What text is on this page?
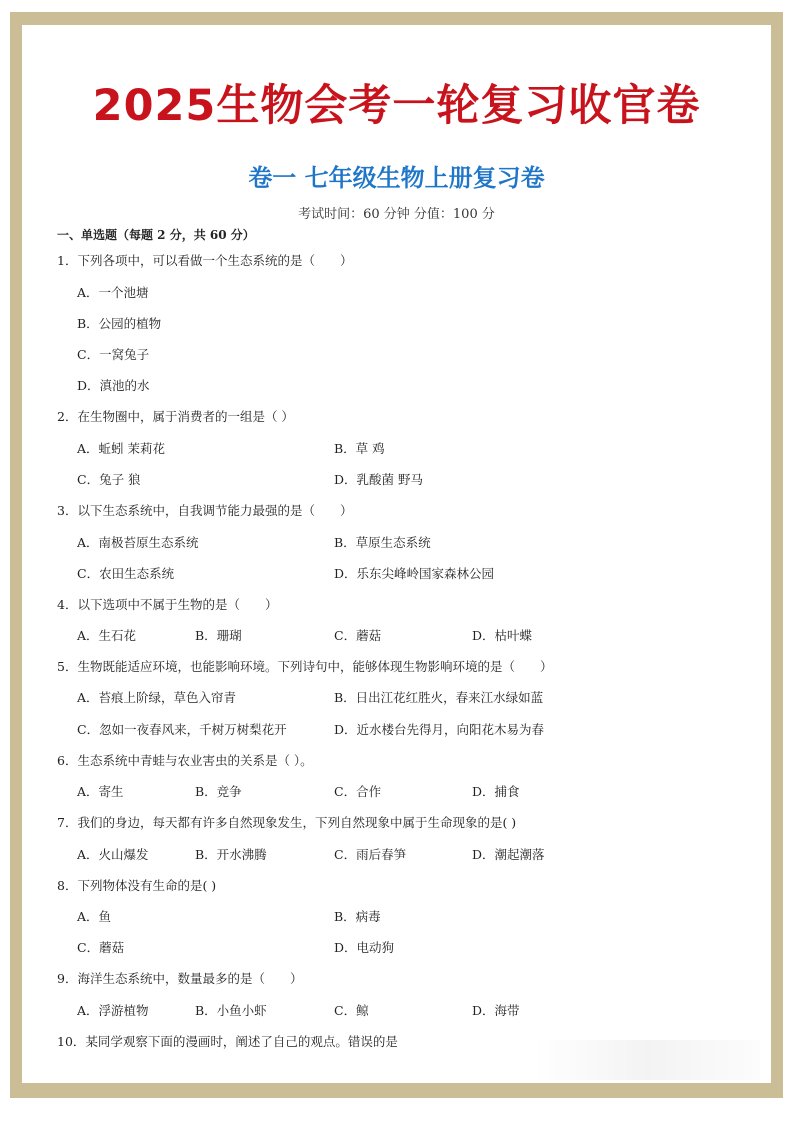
2025生物会考一轮复习收官卷
卷一 七年级生物上册复习卷
考试时间：60 分钟 分值：100 分
一、单选题（每题 2 分，共 60 分）
1．下列各项中，可以看做一个生态系统的是（　　）
A．一个池塘
B．公园的植物
C．一窝兔子
D．滇池的水
2．在生物圈中，属于消费者的一组是（ ）
A．蚯蚓 茉莉花	B．草 鸡
C．兔子 狼	D．乳酸菌 野马
3．以下生态系统中，自我调节能力最强的是（　　）
A．南极苔原生态系统	B．草原生态系统
C．农田生态系统	D．乐东尖峰岭国家森林公园
4．以下选项中不属于生物的是（　　）
A．生石花	B．珊瑚	C．蘑菇	D．枯叶蝶
5．生物既能适应环境，也能影响环境。下列诗句中，能够体现生物影响环境的是（　　）
A．苔痕上阶绿，草色入帘青	B．日出江花红胜火，春来江水绿如蓝
C．忽如一夜春风来，千树万树梨花开	D．近水楼台先得月，向阳花木易为春
6．生态系统中青蛙与农业害虫的关系是（ ）。
A．寄生	B．竞争	C．合作	D．捕食
7．我们的身边，每天都有许多自然现象发生，下列自然现象中属于生命现象的是( )
A．火山爆发	B．开水沸腾	C．雨后春笋	D．潮起潮落
8．下列物体没有生命的是( )
A．鱼	B．病毒
C．蘑菇	D．电动狗
9．海洋生态系统中，数量最多的是（　　）
A．浮游植物	B．小鱼小虾	C．鲸	D．海带
10．某同学观察下面的漫画时，阐述了自己的观点。错误的是
